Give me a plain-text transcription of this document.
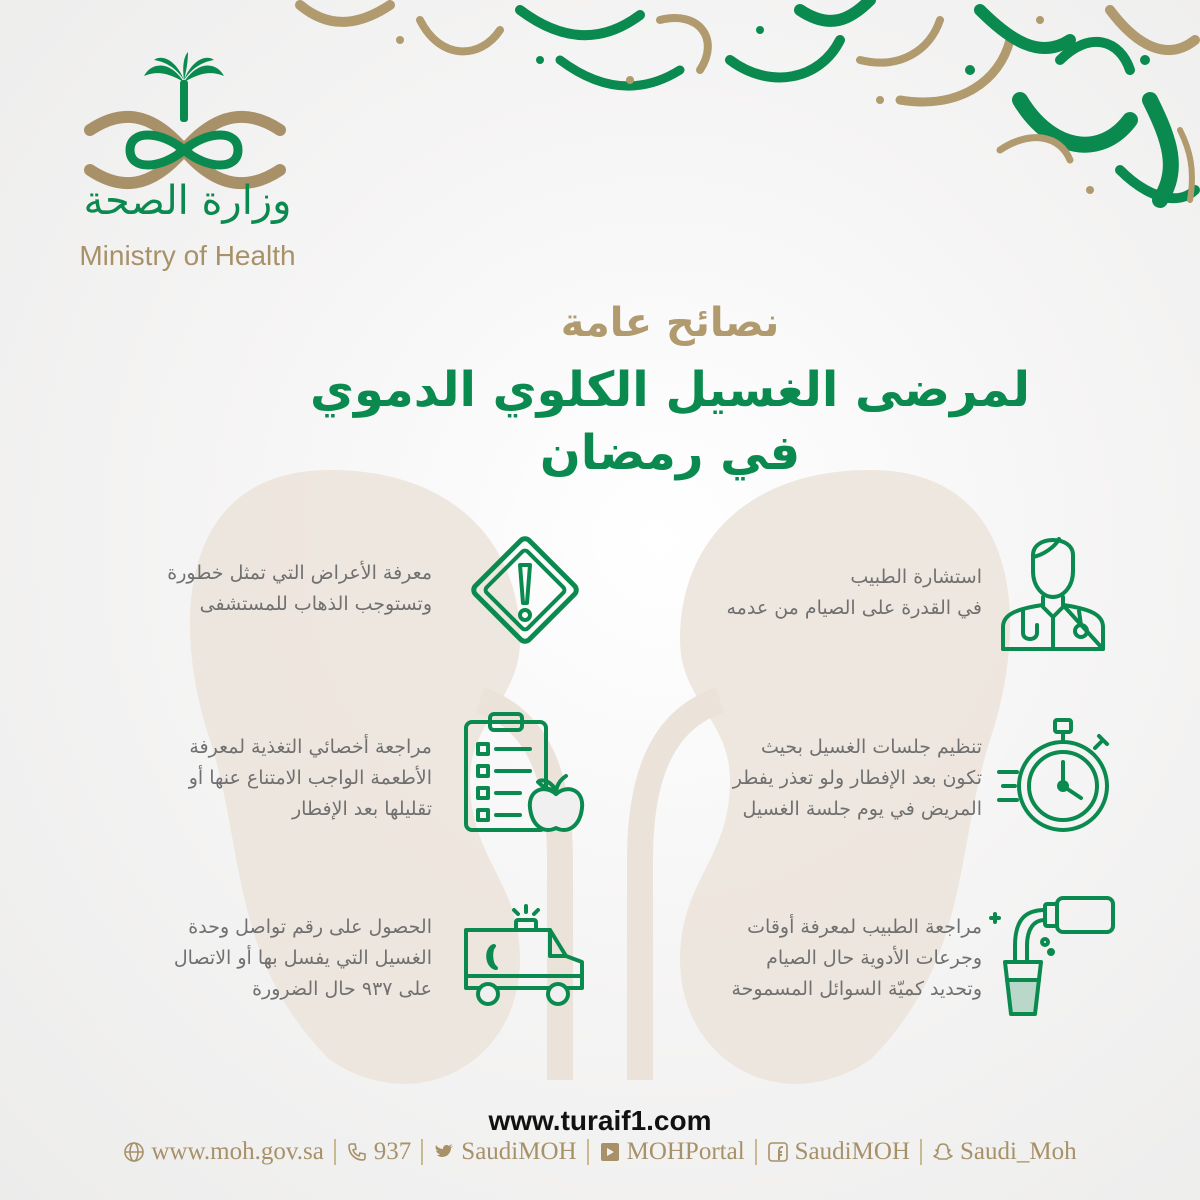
وزارة الصحة
Ministry of Health
نصائح عامة
لمرضى الغسيل الكلوي الدموي
في رمضان
معرفة الأعراض التي تمثل خطورة
وتستوجب الذهاب للمستشفى
استشارة الطبيب
في القدرة على الصيام من عدمه
مراجعة أخصائي التغذية لمعرفة
الأطعمة الواجب الامتناع عنها أو
تقليلها بعد الإفطار
تنظيم جلسات الغسيل بحيث
تكون بعد الإفطار ولو تعذر يفطر
المريض في يوم جلسة الغسيل
الحصول على رقم تواصل وحدة
الغسيل التي يفسل بها أو الاتصال
على ٩٣٧ حال الضرورة
مراجعة الطبيب لمعرفة أوقات
وجرعات الأدوية حال الصيام
وتحديد كميّة السوائل المسموحة
www.turaif1.com
www.moh.gov.sa 937 SaudiMOH MOHPortal SaudiMOH Saudi_Moh
